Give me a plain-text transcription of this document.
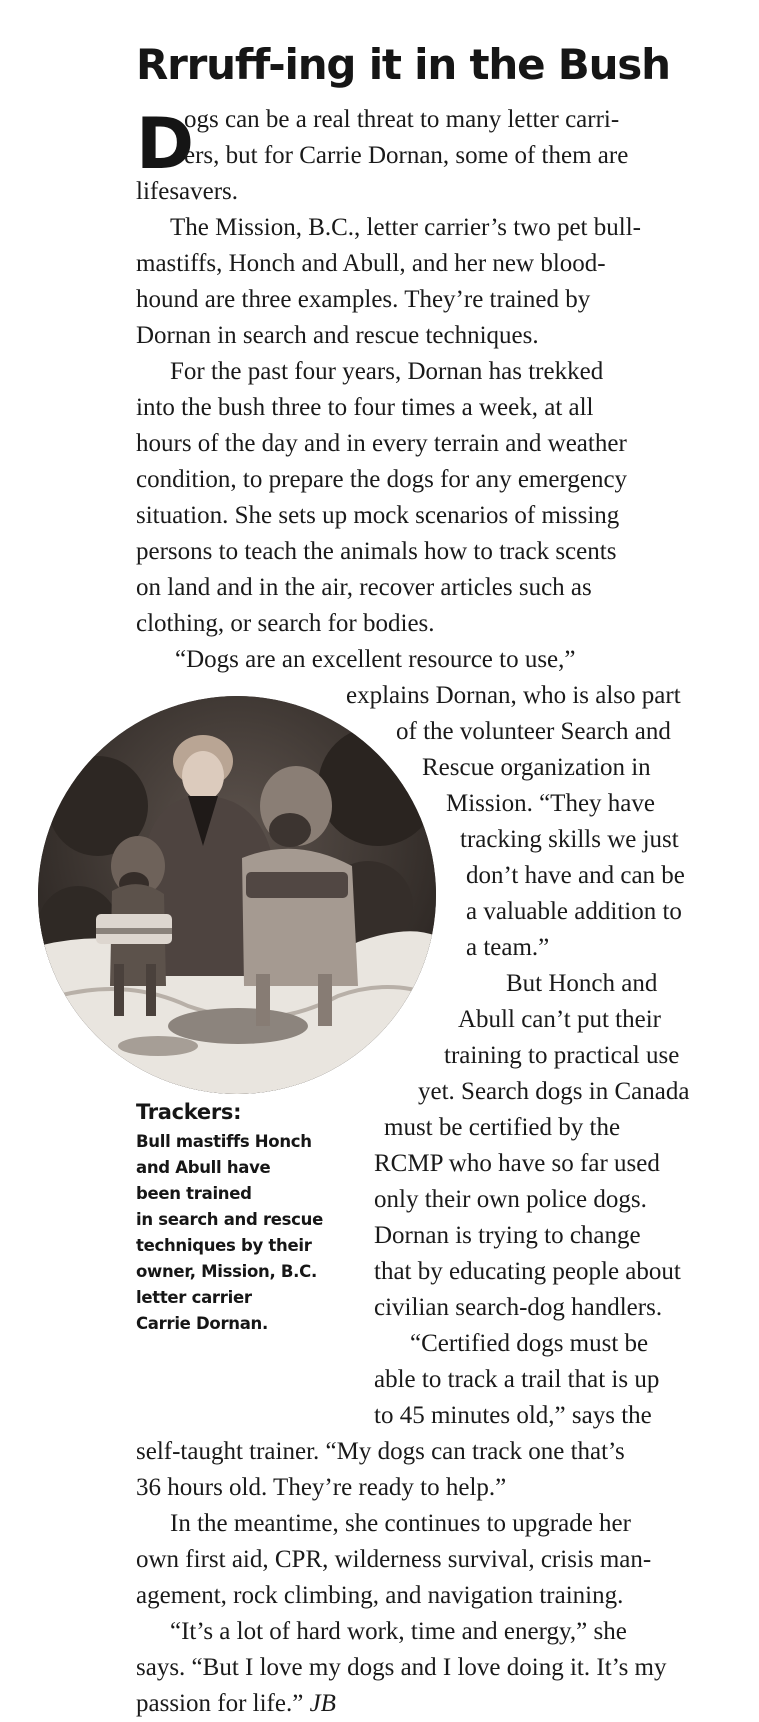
Rrruff-ing it in the Bush
D
ogs can be a real threat to many letter carri-
ers, but for Carrie Dornan, some of them are
lifesavers.
The Mission, B.C., letter carrier’s two pet bull-
mastiffs, Honch and Abull, and her new blood-
hound are three examples. They’re trained by
Dornan in search and rescue techniques.
For the past four years, Dornan has trekked
into the bush three to four times a week, at all
hours of the day and in every terrain and weather
condition, to prepare the dogs for any emergency
situation. She sets up mock scenarios of missing
persons to teach the animals how to track scents
on land and in the air, recover articles such as
clothing, or search for bodies.
“Dogs are an excellent resource to use,”
explains Dornan, who is also part
of the volunteer Search and
Rescue organization in
Mission. “They have
tracking skills we just
don’t have and can be
a valuable addition to
a team.”
But Honch and
Abull can’t put their
training to practical use
yet. Search dogs in Canada
must be certified by the
RCMP who have so far used
only their own police dogs.
Dornan is trying to change
that by educating people about
civilian search-dog handlers.
“Certified dogs must be
able to track a trail that is up
to 45 minutes old,” says the
self-taught trainer. “My dogs can track one that’s
36 hours old. They’re ready to help.”
In the meantime, she continues to upgrade her
own first aid, CPR, wilderness survival, crisis man-
agement, rock climbing, and navigation training.
“It’s a lot of hard work, time and energy,” she
says. “But I love my dogs and I love doing it. It’s my
passion for life.” JB
Trackers:
Bull mastiffs Honch
and Abull have
been trained
in search and rescue
techniques by their
owner, Mission, B.C.
letter carrier
Carrie Dornan.
